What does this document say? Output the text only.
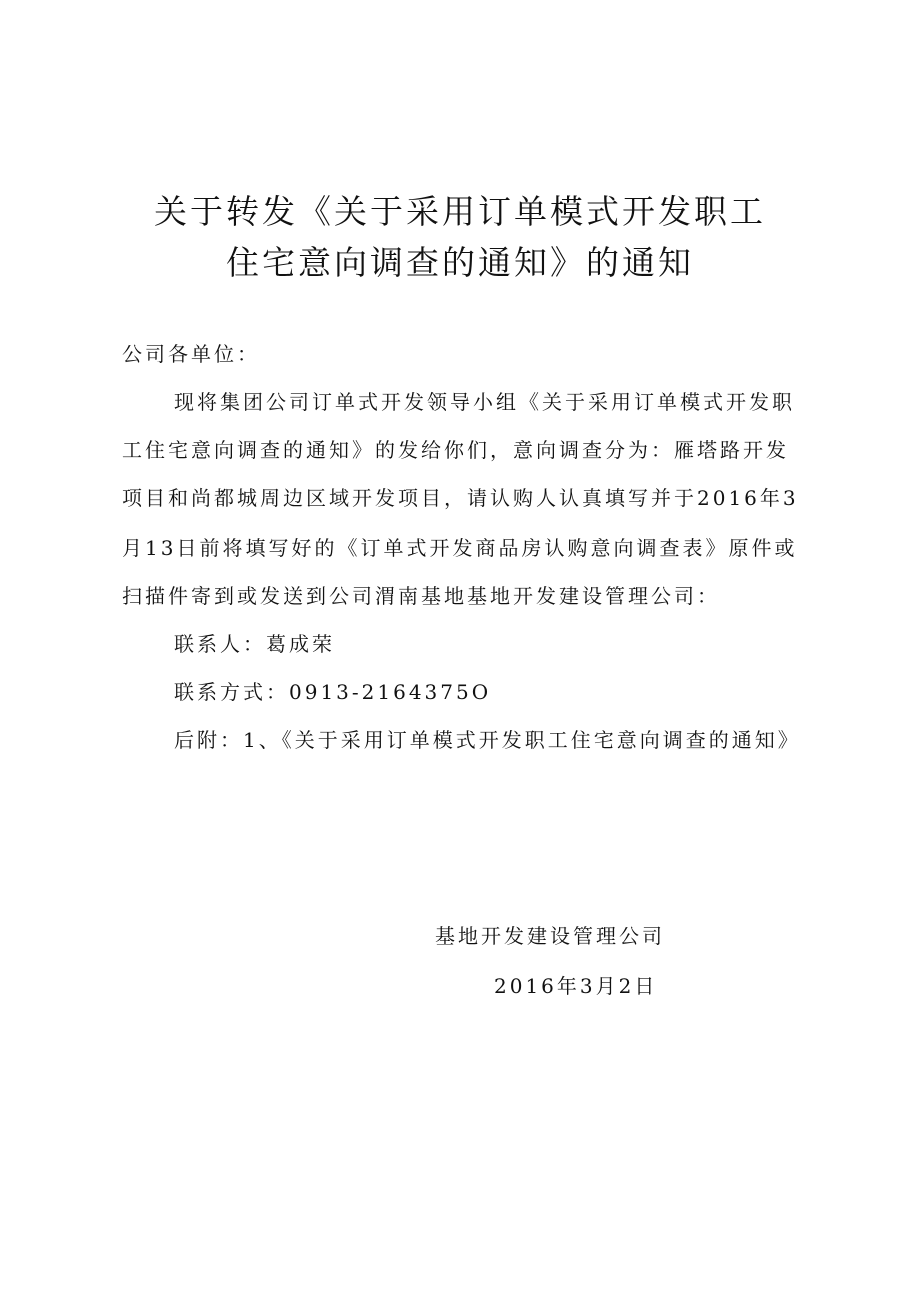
关于转发《关于采用订单模式开发职工
住宅意向调查的通知》的通知
公司各单位：
现将集团公司订单式开发领导小组《关于采用订单模式开发职
工住宅意向调查的通知》的发给你们，意向调查分为：雁塔路开发
项目和尚都城周边区域开发项目，请认购人认真填写并于2016年3
月13日前将填写好的《订单式开发商品房认购意向调查表》原件或
扫描件寄到或发送到公司渭南基地基地开发建设管理公司：
联系人：葛成荣
联系方式：0913-2164375O
后附：1、《关于采用订单模式开发职工住宅意向调查的通知》
基地开发建设管理公司
2016年3月2日
